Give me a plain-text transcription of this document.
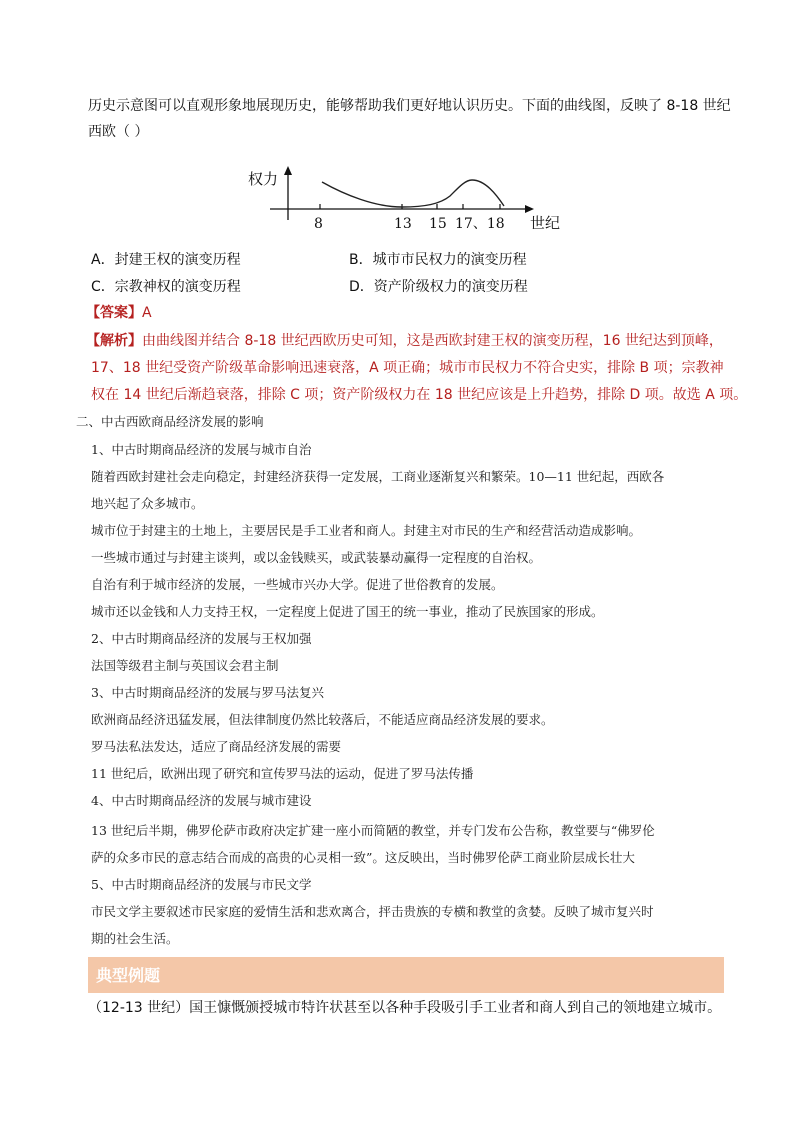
历史示意图可以直观形象地展现历史，能够帮助我们更好地认识历史。下面的曲线图，反映了 8-18 世纪
西欧（ ）
权力
8	13 15 17、18 世纪
A．封建王权的演变历程	B．城市市民权力的演变历程
C．宗教神权的演变历程	D．资产阶级权力的演变历程
【答案】A
【解析】由曲线图并结合 8-18 世纪西欧历史可知，这是西欧封建王权的演变历程，16 世纪达到顶峰，
17、18 世纪受资产阶级革命影响迅速衰落，A 项正确；城市市民权力不符合史实，排除 B 项；宗教神
权在 14 世纪后渐趋衰落，排除 C 项；资产阶级权力在 18 世纪应该是上升趋势，排除 D 项。故选 A 项。
二、中古西欧商品经济发展的影响
1、中古时期商品经济的发展与城市自治
随着西欧封建社会走向稳定，封建经济获得一定发展，工商业逐渐复兴和繁荣。10—11 世纪起，西欧各
地兴起了众多城市。
城市位于封建主的土地上，主要居民是手工业者和商人。封建主对市民的生产和经营活动造成影响。
一些城市通过与封建主谈判，或以金钱赎买，或武装暴动赢得一定程度的自治权。
自治有利于城市经济的发展，一些城市兴办大学。促进了世俗教育的发展。
城市还以金钱和人力支持王权，一定程度上促进了国王的统一事业，推动了民族国家的形成。
2、中古时期商品经济的发展与王权加强
法国等级君主制与英国议会君主制
3、中古时期商品经济的发展与罗马法复兴
欧洲商品经济迅猛发展，但法律制度仍然比较落后，不能适应商品经济发展的要求。
罗马法私法发达，适应了商品经济发展的需要
11 世纪后，欧洲出现了研究和宣传罗马法的运动，促进了罗马法传播
4、中古时期商品经济的发展与城市建设
13 世纪后半期，佛罗伦萨市政府决定扩建一座小而简陋的教堂，并专门发布公告称，教堂要与“佛罗伦
萨的众多市民的意志结合而成的高贵的心灵相一致”。这反映出，当时佛罗伦萨工商业阶层成长壮大
5、中古时期商品经济的发展与市民文学
市民文学主要叙述市民家庭的爱情生活和悲欢离合，抨击贵族的专横和教堂的贪婪。反映了城市复兴时
期的社会生活。
典型例题
（12-13 世纪）国王慷慨颁授城市特许状甚至以各种手段吸引手工业者和商人到自己的领地建立城市。
